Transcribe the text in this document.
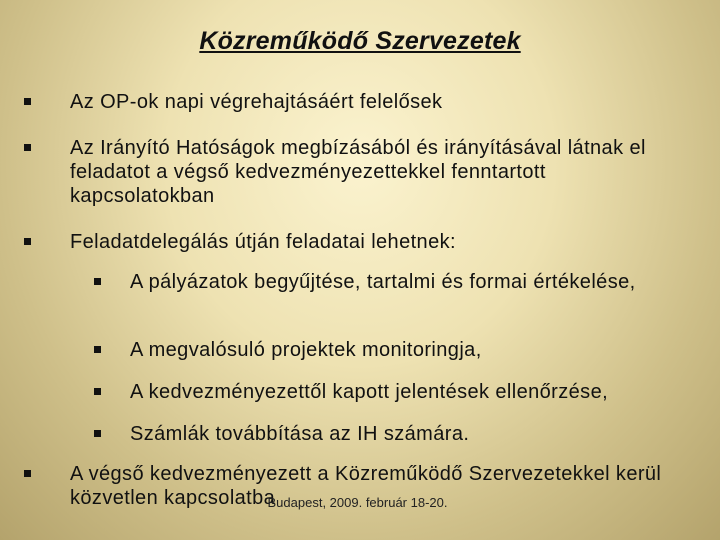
Közreműködő Szervezetek
Az OP-ok napi végrehajtásáért felelősek
Az Irányító Hatóságok megbízásából és irányításával látnak el feladatot a végső kedvezményezettekkel fenntartott kapcsolatokban
Feladatdelegálás útján feladatai lehetnek:
A pályázatok begyűjtése, tartalmi és formai értékelése,
A megvalósuló projektek monitoringja,
A kedvezményezettől kapott jelentések ellenőrzése,
Számlák továbbítása az IH számára.
A végső kedvezményezett a Közreműködő Szervezetekkel kerül közvetlen kapcsolatba
Budapest, 2009. február 18-20.
